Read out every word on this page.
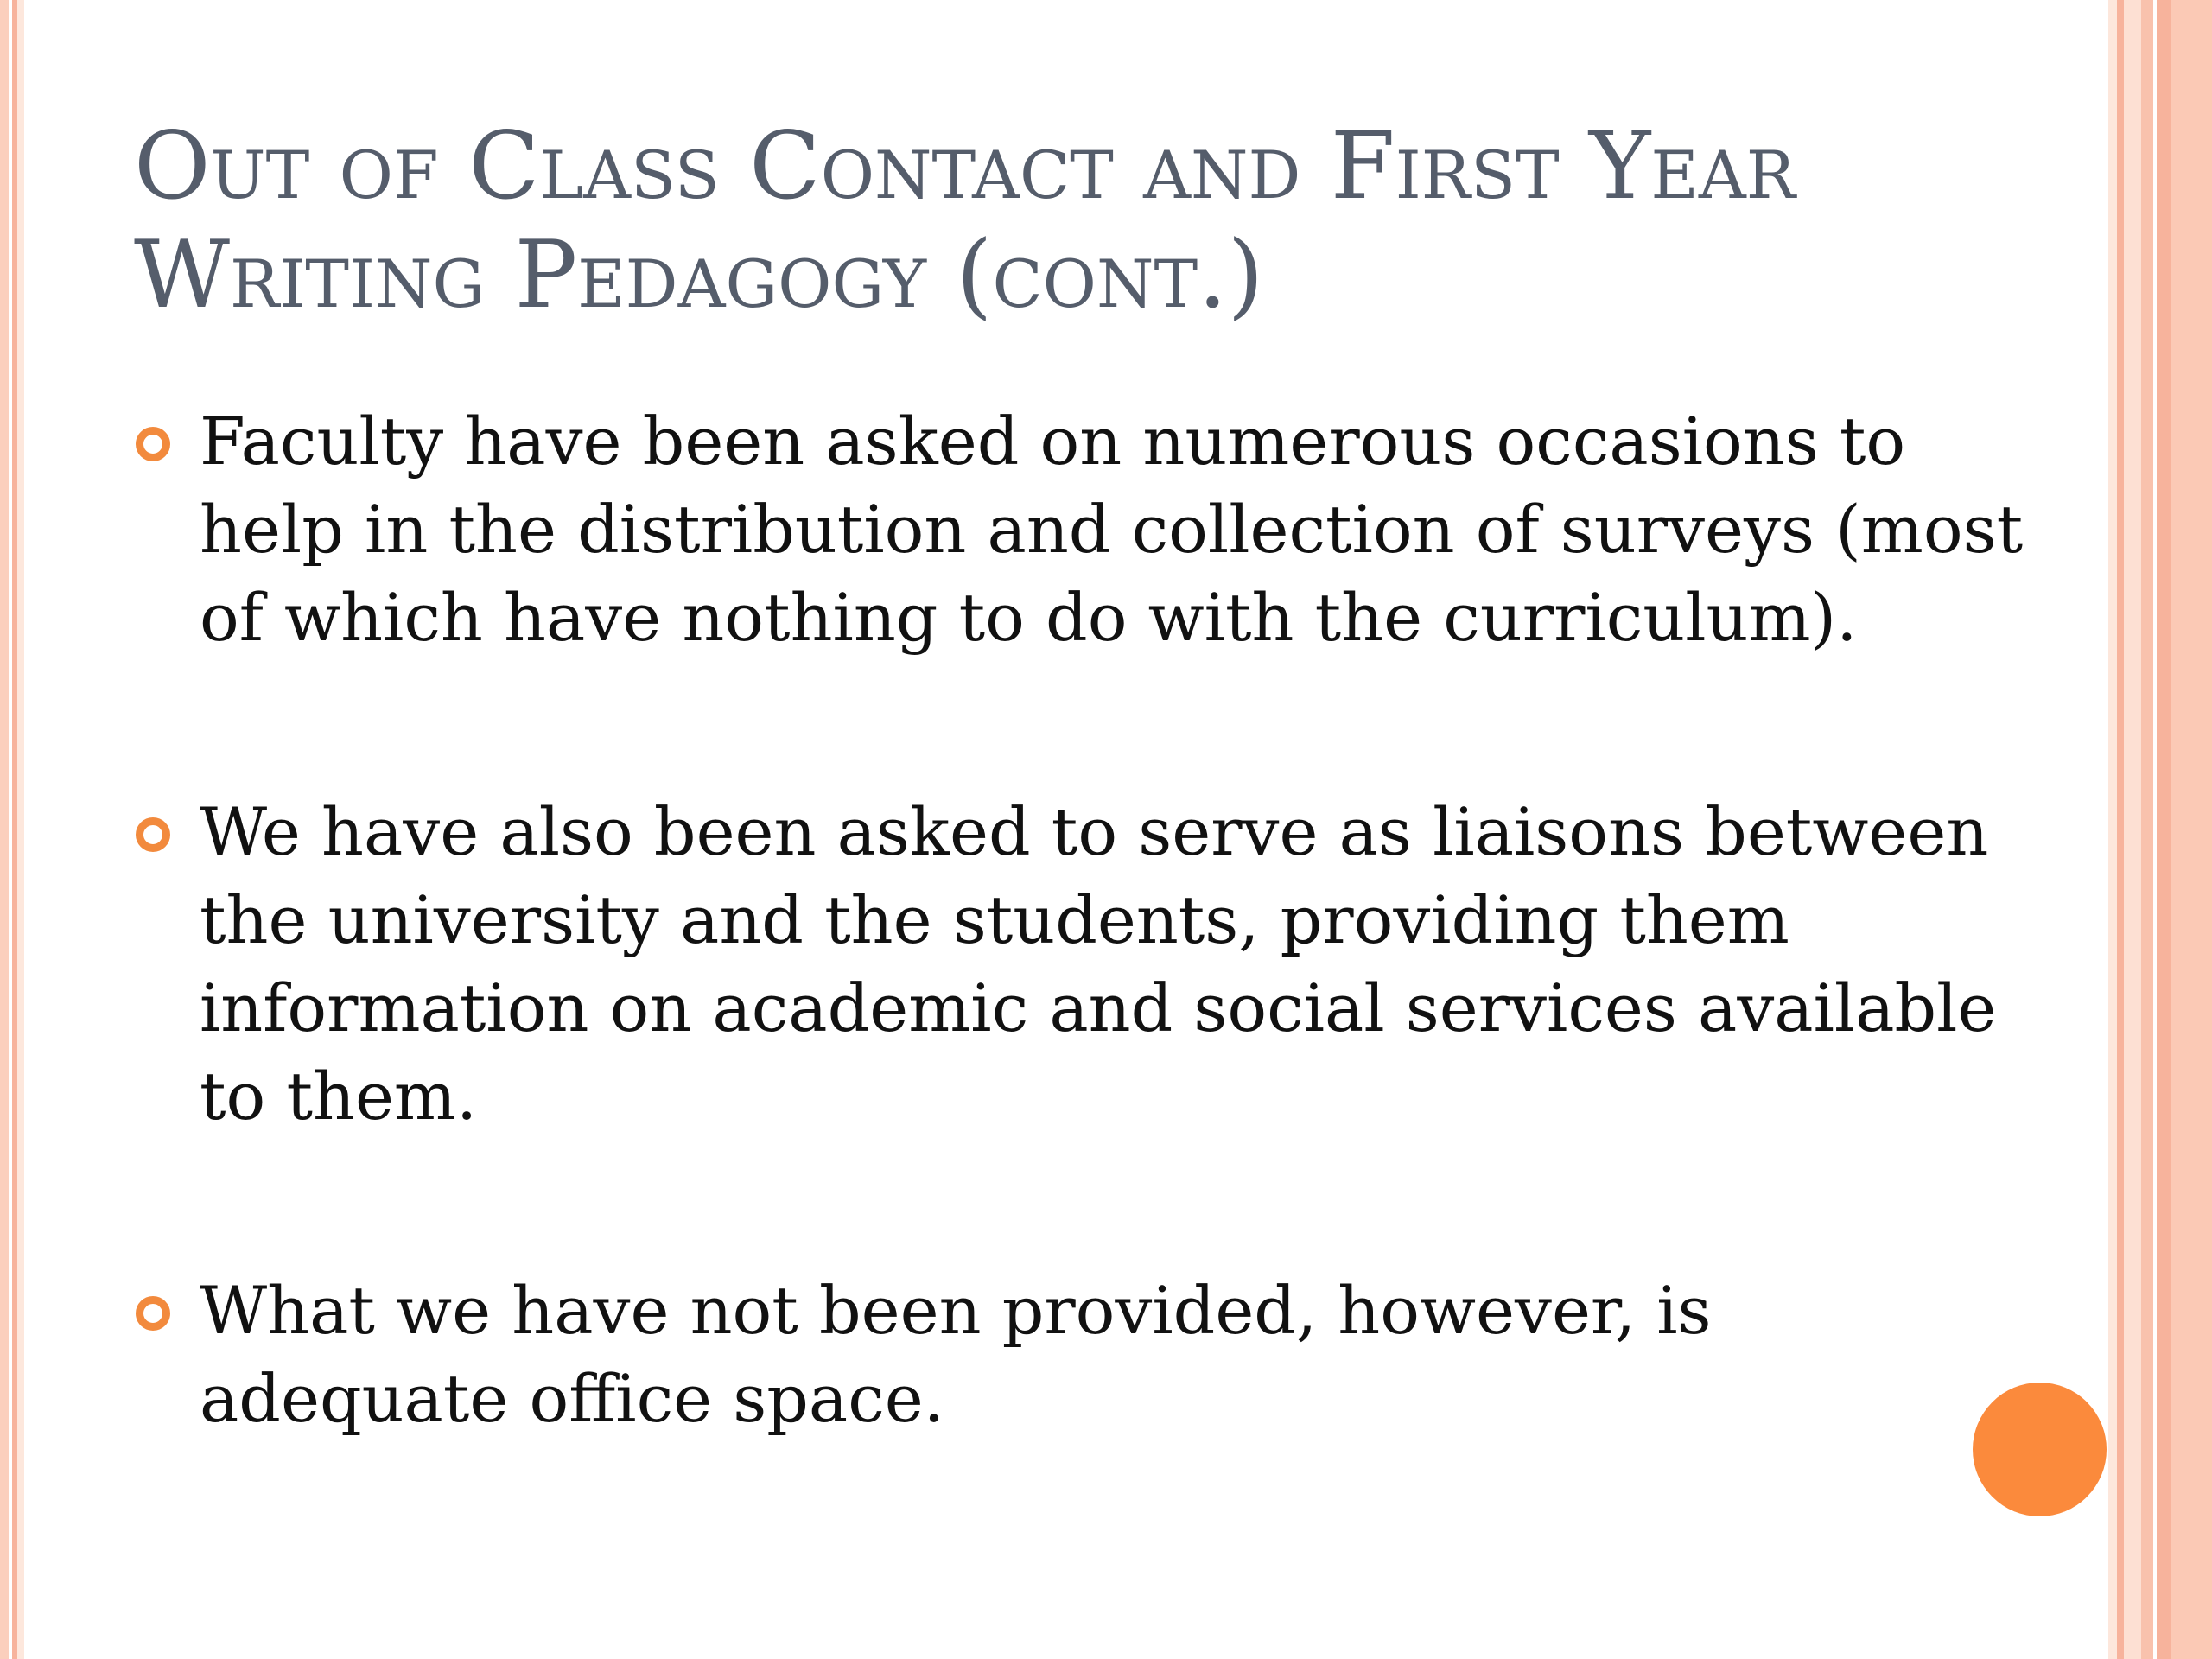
Out of Class Contact and First Year Writing Pedagogy (cont.)
Faculty have been asked on numerous occasions to help in the distribution and collection of surveys (most of which have nothing to do with the curriculum).
We have also been asked to serve as liaisons between the university and the students, providing them information on academic and social services available to them.
What we have not been provided, however, is adequate office space.
